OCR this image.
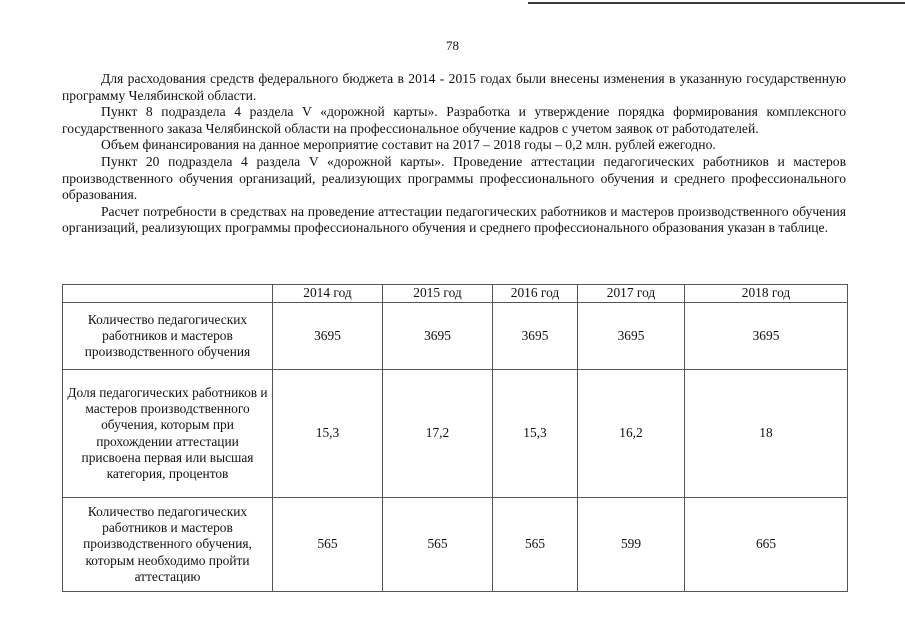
78

Для расходования средств федерального бюджета в 2014 - 2015 годах были внесены изменения в указанную государственную программу Челябинской области.

Пункт 8 подраздела 4 раздела V «дорожной карты». Разработка и утверждение порядка формирования комплексного государственного заказа Челябинской области на профессиональное обучение кадров с учетом заявок от работодателей.

Объем финансирования на данное мероприятие составит на 2017 – 2018 годы – 0,2 млн. рублей ежегодно.

Пункт 20 подраздела 4 раздела V «дорожной карты». Проведение аттестации педагогических работников и мастеров производственного обучения организаций, реализующих программы профессионального обучения и среднего профессионального образования.

Расчет потребности в средствах на проведение аттестации педагогических работников и мастеров производственного обучения организаций, реализующих программы профессионального обучения и среднего профессионального образования указан в таблице.

	2014 год	2015 год	2016 год	2017 год	2018 год
Количество педагогических работников и мастеров производственного обучения	3695	3695	3695	3695	3695
Доля педагогических работников и мастеров производственного обучения, которым при прохождении аттестации присвоена первая или высшая категория, процентов	15,3	17,2	15,3	16,2	18
Количество педагогических работников и мастеров производственного обучения, которым необходимо пройти аттестацию	565	565	565	599	665
